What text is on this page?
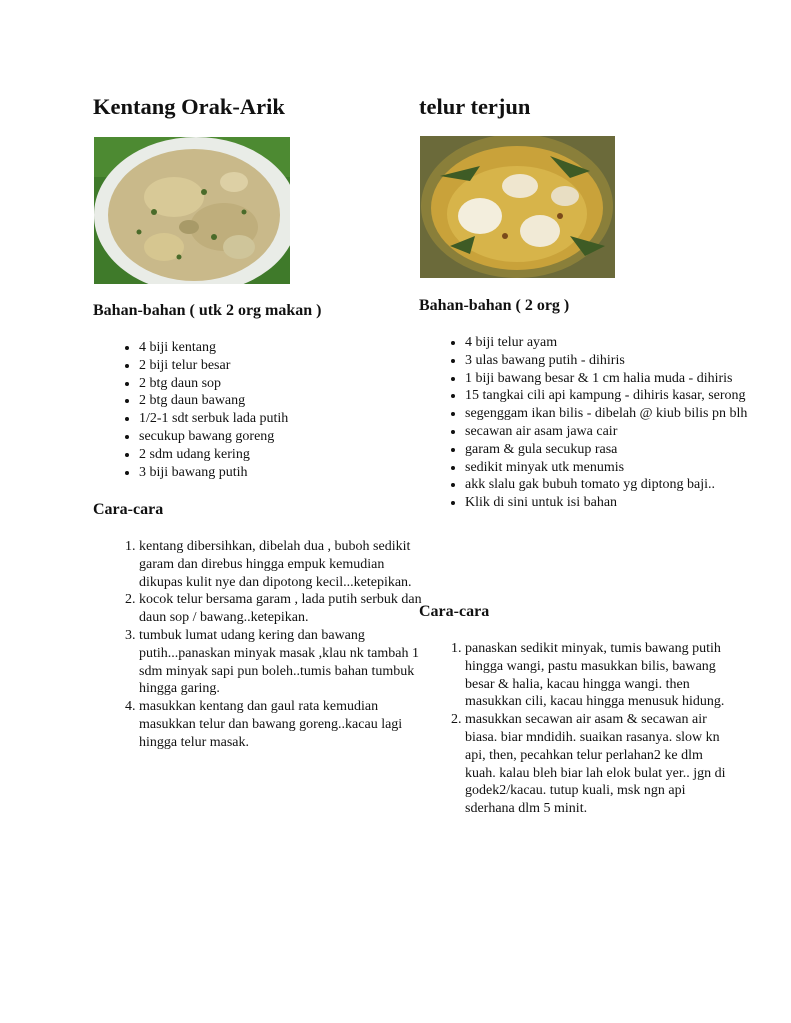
Kentang Orak-Arik
Bahan-bahan ( utk 2 org makan )
• 4 biji kentang
• 2 biji telur besar
• 2 btg daun sop
• 2 btg daun bawang
• 1/2-1 sdt serbuk lada putih
• secukup bawang goreng
• 2 sdm udang kering
• 3 biji bawang putih
Cara-cara
1. kentang dibersihkan, dibelah dua , buboh sedikit garam dan direbus hingga empuk kemudian dikupas kulit nye dan dipotong kecil...ketepikan.
2. kocok telur bersama garam , lada putih serbuk dan daun sop / bawang..ketepikan.
3. tumbuk lumat udang kering dan bawang putih...panaskan minyak masak ,klau nk tambah 1 sdm minyak sapi pun boleh..tumis bahan tumbuk hingga garing.
4. masukkan kentang dan gaul rata kemudian masukkan telur dan bawang goreng..kacau lagi hingga telur masak.
telur terjun
Bahan-bahan ( 2 org )
• 4 biji telur ayam
• 3 ulas bawang putih - dihiris
• 1 biji bawang besar & 1 cm halia muda - dihiris
• 15 tangkai cili api kampung - dihiris kasar, serong
• segenggam ikan bilis - dibelah @ kiub bilis pn blh
• secawan air asam jawa cair
• garam & gula secukup rasa
• sedikit minyak utk menumis
• akk slalu gak bubuh tomato yg diptong baji..
• Klik di sini untuk isi bahan
Cara-cara
1. panaskan sedikit minyak, tumis bawang putih hingga wangi, pastu masukkan bilis, bawang besar & halia, kacau hingga wangi. then masukkan cili, kacau hingga menusuk hidung.
2. masukkan secawan air asam & secawan air biasa. biar mndidih. suaikan rasanya. slow kn api, then, pecahkan telur perlahan2 ke dlm kuah. kalau bleh biar lah elok bulat yer.. jgn di godek2/kacau. tutup kuali, msk ngn api sderhana dlm 5 minit.
